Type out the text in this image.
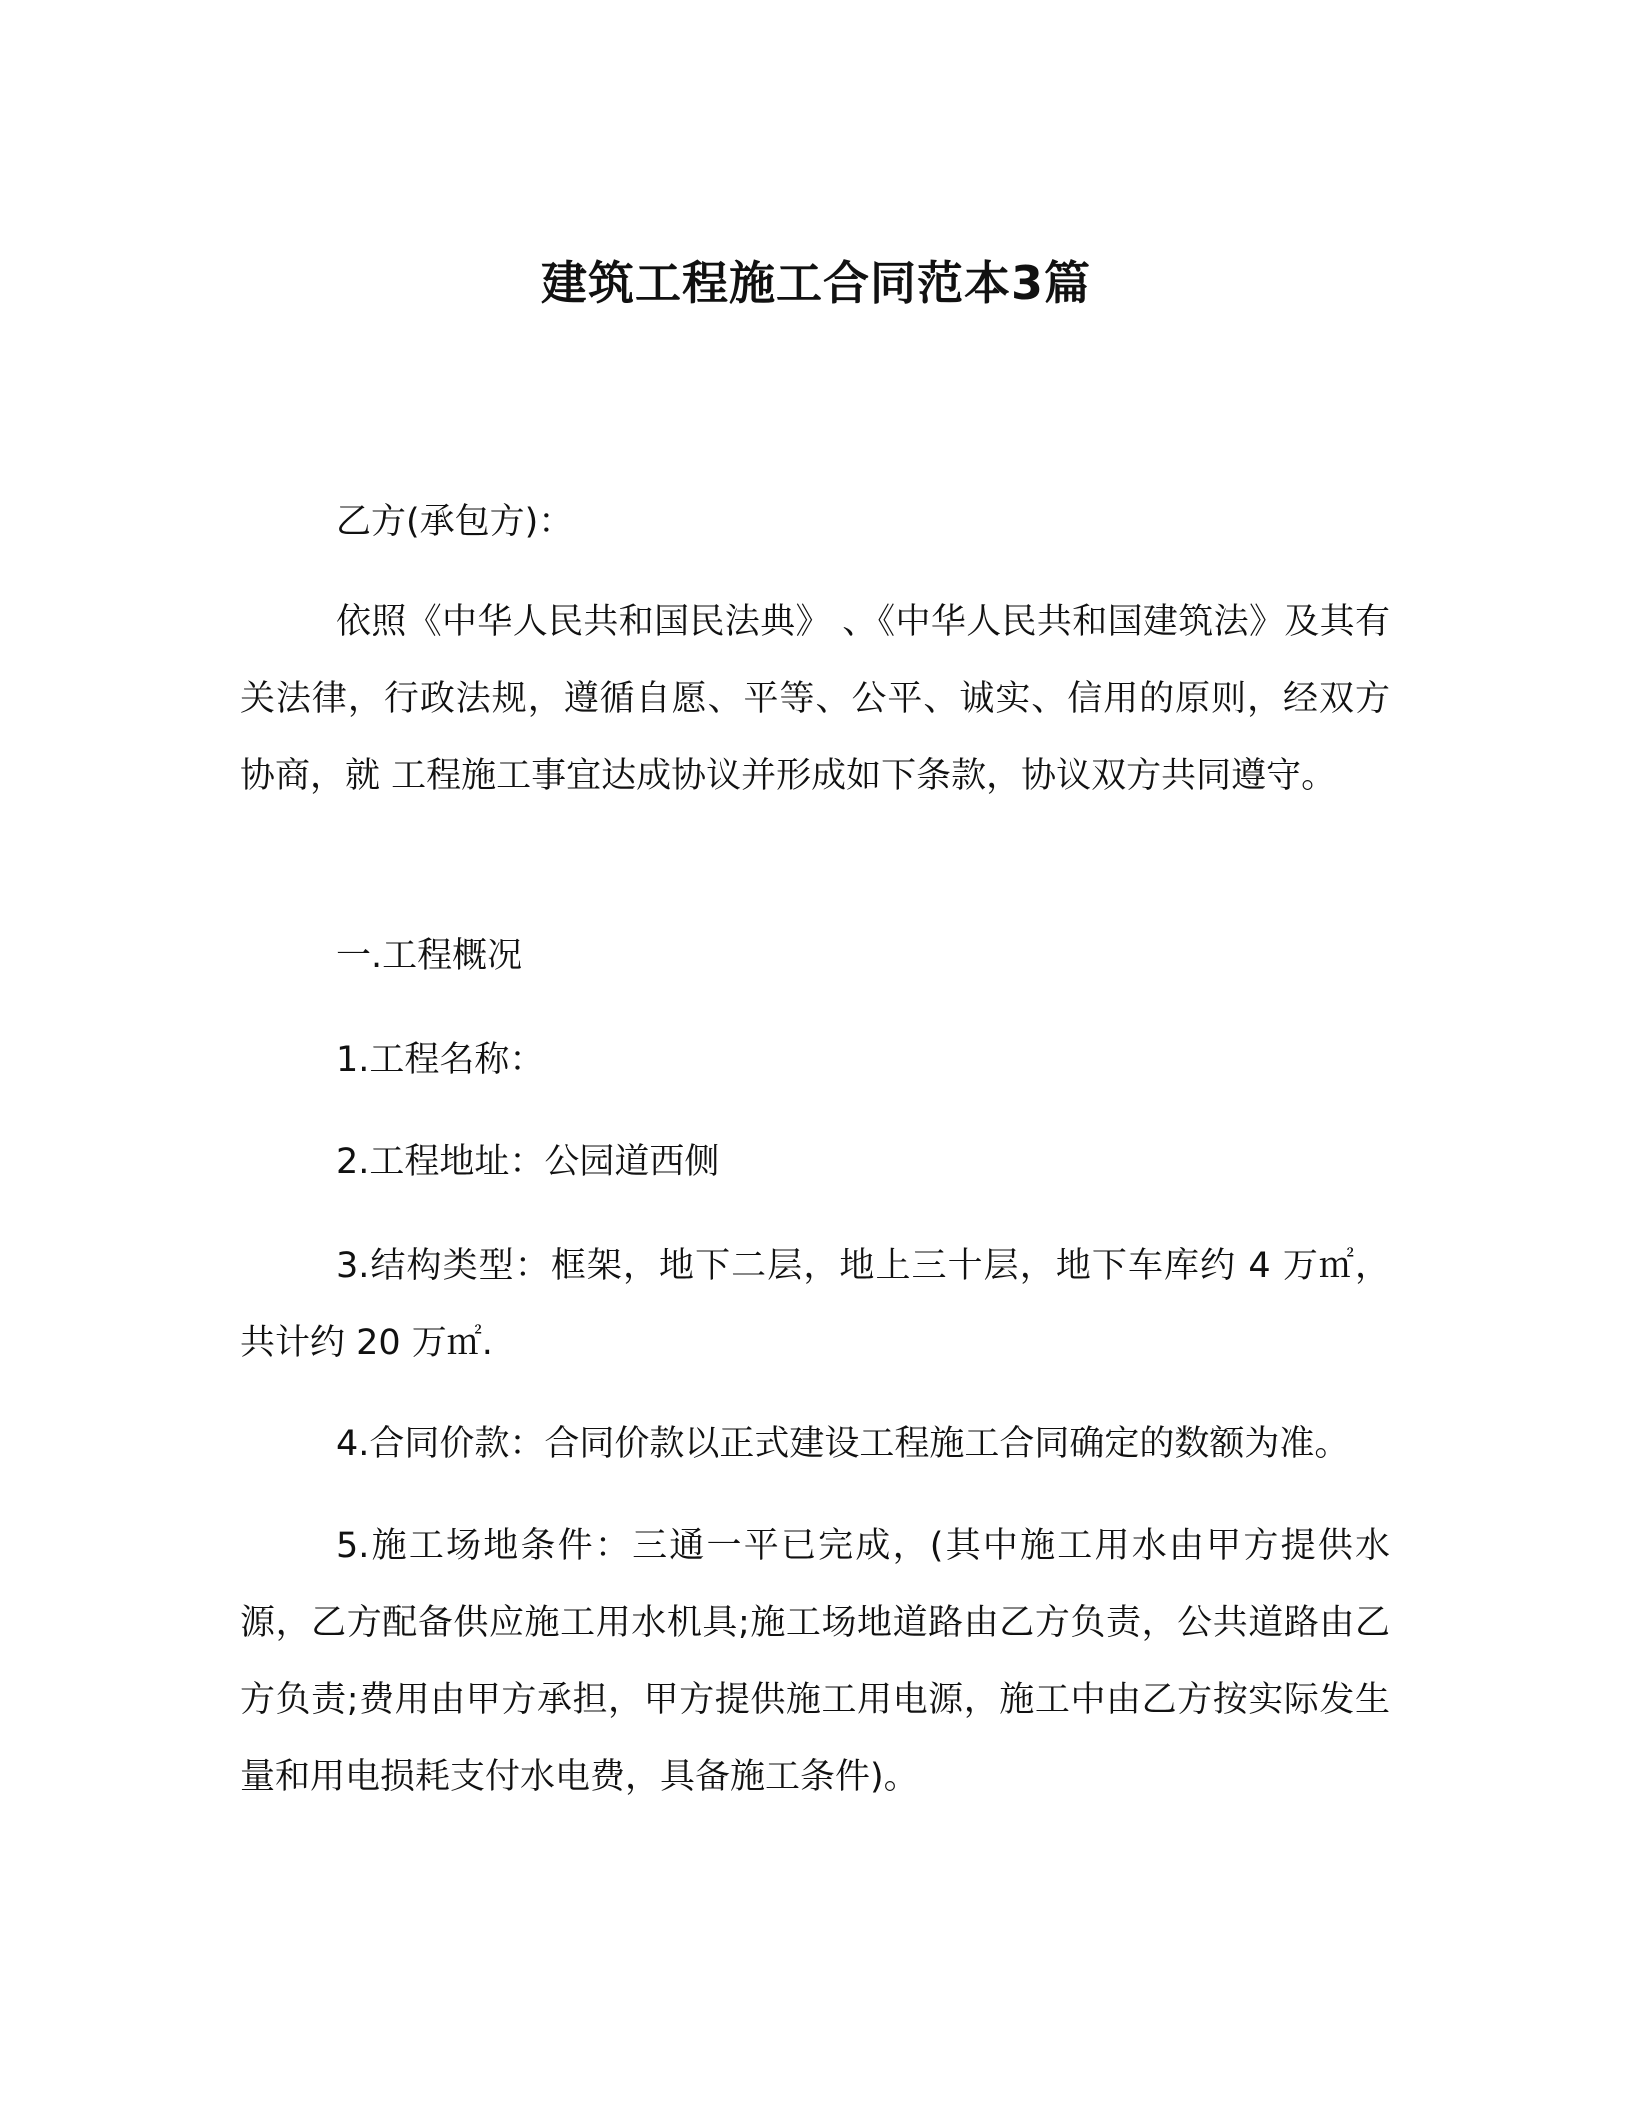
建筑工程施工合同范本3篇

乙方(承包方)：

依照《中华人民共和国民法典》 、《中华人民共和国建筑法》及其有关法律，行政法规，遵循自愿、平等、公平、诚实、信用的原则，经双方协商，就 工程施工事宜达成协议并形成如下条款，协议双方共同遵守。

一.工程概况

1.工程名称：

2.工程地址：公园道西侧

3.结构类型：框架，地下二层，地上三十层，地下车库约 4 万㎡，共计约 20 万㎡.

4.合同价款：合同价款以正式建设工程施工合同确定的数额为准。

5.施工场地条件：三通一平已完成，(其中施工用水由甲方提供水源，乙方配备供应施工用水机具;施工场地道路由乙方负责，公共道路由乙方负责;费用由甲方承担，甲方提供施工用电源，施工中由乙方按实际发生量和用电损耗支付水电费，具备施工条件)。
